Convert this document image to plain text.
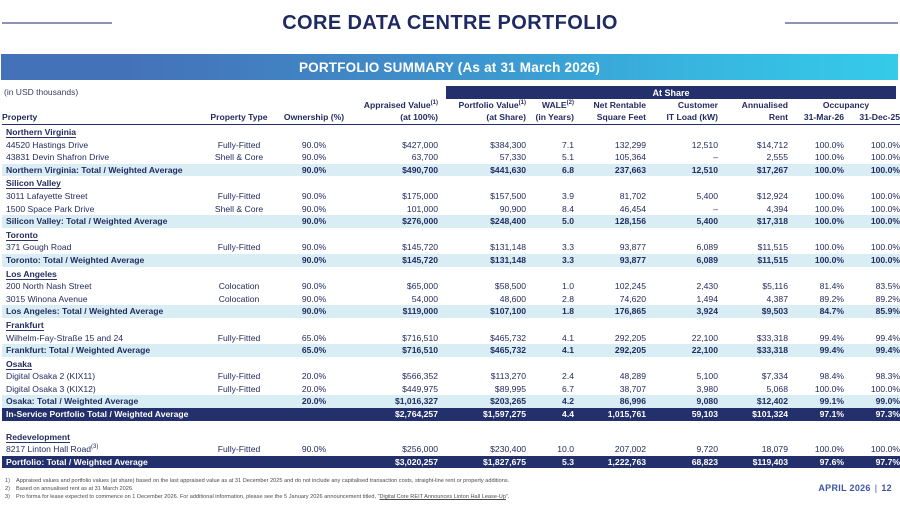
CORE DATA CENTRE PORTFOLIO
PORTFOLIO SUMMARY (As at 31 March 2026)
(in USD thousands)	At Share
			Appraised Value$^{(1)}$	Portfolio Value$^{(1)}$	WALE$^{(2)}$	Net Rentable	Customer	Annualised	Occupancy	
Property	Property Type	Ownership (%)	(at 100%)	(at Share)	(in Years)	Square Feet	IT Load (kW)	Rent	31-Mar-26	31-Dec-25
Northern Virginia										
44520 Hastings Drive	Fully-Fitted	90.0%	$427,000	$384,300	7.1	132,299	12,510	$14,712	100.0%	100.0%
43831 Devin Shafron Drive	Shell & Core	90.0%	63,700	57,330	5.1	105,364	–	2,555	100.0%	100.0%
Northern Virginia: Total / Weighted Average		90.0%	$490,700	$441,630	6.8	237,663	12,510	$17,267	100.0%	100.0%
Silicon Valley										
3011 Lafayette Street	Fully-Fitted	90.0%	$175,000	$157,500	3.9	81,702	5,400	$12,924	100.0%	100.0%
1500 Space Park Drive	Shell & Core	90.0%	101,000	90,900	8.4	46,454	–	4,394	100.0%	100.0%
Silicon Valley: Total / Weighted Average		90.0%	$276,000	$248,400	5.0	128,156	5,400	$17,318	100.0%	100.0%
Toronto										
371 Gough Road	Fully-Fitted	90.0%	$145,720	$131,148	3.3	93,877	6,089	$11,515	100.0%	100.0%
Toronto: Total / Weighted Average		90.0%	$145,720	$131,148	3.3	93,877	6,089	$11,515	100.0%	100.0%
Los Angeles										
200 North Nash Street	Colocation	90.0%	$65,000	$58,500	1.0	102,245	2,430	$5,116	81.4%	83.5%
3015 Winona Avenue	Colocation	90.0%	54,000	48,600	2.8	74,620	1,494	4,387	89.2%	89.2%
Los Angeles: Total / Weighted Average		90.0%	$119,000	$107,100	1.8	176,865	3,924	$9,503	84.7%	85.9%
Frankfurt										
Wilhelm-Fay-Straße 15 and 24	Fully-Fitted	65.0%	$716,510	$465,732	4.1	292,205	22,100	$33,318	99.4%	99.4%
Frankfurt: Total / Weighted Average		65.0%	$716,510	$465,732	4.1	292,205	22,100	$33,318	99.4%	99.4%
Osaka										
Digital Osaka 2 (KIX11)	Fully-Fitted	20.0%	$566,352	$113,270	2.4	48,289	5,100	$7,334	98.4%	98.3%
Digital Osaka 3 (KIX12)	Fully-Fitted	20.0%	$449,975	$89,995	6.7	38,707	3,980	5,068	100.0%	100.0%
Osaka: Total / Weighted Average		20.0%	$1,016,327	$203,265	4.2	86,996	9,080	$12,402	99.1%	99.0%
In-Service Portfolio Total / Weighted Average			$2,764,257	$1,597,275	4.4	1,015,761	59,103	$101,324	97.1%	97.3%

Redevelopment										
8217 Linton Hall Road$^{(3)}$	Fully-Fitted	90.0%	$256,000	$230,400	10.0	207,002	9,720	18,079	100.0%	100.0%
Portfolio: Total / Weighted Average			$3,020,257	$1,827,675	5.3	1,222,763	68,823	$119,403	97.6%	97.7%
1) Appraised values and portfolio values (at share) based on the last appraised value as at 31 December 2025 and do not include any capitalised transaction costs, straight-line rent or property additions.
2) Based on annualised rent as at 31 March 2026.
3) Pro forma for lease expected to commence on 1 December 2026. For additional information, please see the 5 January 2026 announcement titled, “Digital Core REIT Announces Linton Hall Lease-Up”.
APRIL 2026 | 12
